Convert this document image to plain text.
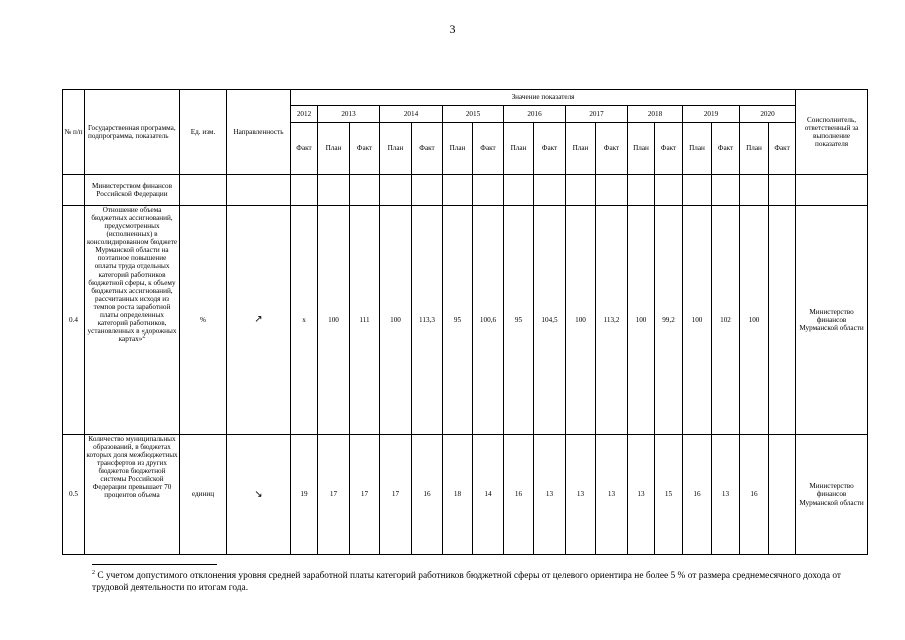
3
№ п/п	Государственная программа, подпрограмма, показатель	Ед. изм.	Направленность	Значение показателя																	Соисполнитель, ответственный за выполнение показателя
				2012	2013		2014		2015		2016		2017		2018		2019		2020		
				Факт	План	Факт	План	Факт	План	Факт	План	Факт	План	Факт	План	Факт	План	Факт	План	Факт	
	Министерством финансов Российской Федерации																				
0.4	Отношение объема бюджетных ассигнований, предусмотренных (исполненных) в консолидированном бюджете Мурманской области на поэтапное повышение оплаты труда отдельных категорий работников бюджетной сферы, к объему бюджетных ассигнований, рассчитанных исходя из темпов роста заработной платы определенных категорий работников, установленных в «дорожных картах»$^2$	%	↗	х	100	111	100	113,3	95	100,6	95	104,5	100	113,2	100	99,2	100	102	100		Министерство финансов Мурманской области
0.5	Количество муниципальных образований, в бюджетах которых доля межбюджетных трансфертов из других бюджетов бюджетной системы Российской Федерации превышает 70 процентов объема	единиц	↘	19	17	17	17	16	18	14	16	13	13	13	13	15	16	13	16		Министерство финансов Мурманской области
$^2$ С учетом допустимого отклонения уровня средней заработной платы категорий работников бюджетной сферы от целевого ориентира не более 5 % от размера среднемесячного дохода от трудовой деятельности по итогам года.
